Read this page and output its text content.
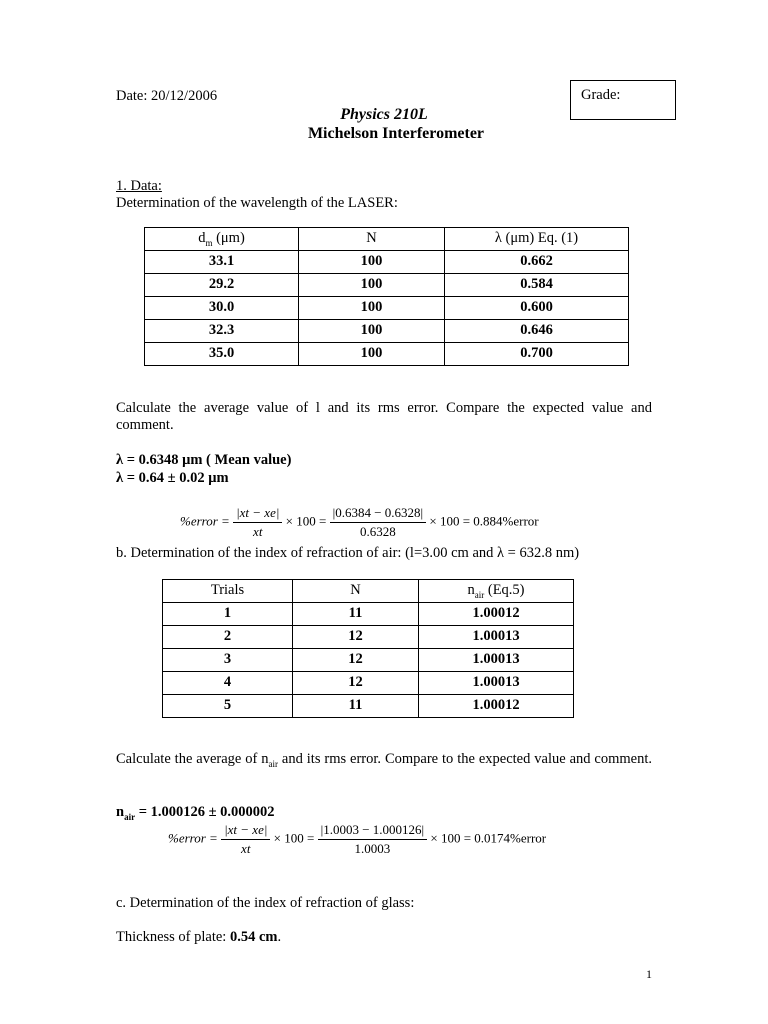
Date: 20/12/2006	Grade:
Physics 210L
Michelson Interferometer
1. Data:
Determination of the wavelength of the LASER:
$d_m$ (μm)	N	λ (μm) Eq. (1)
33.1	100	0.662
29.2	100	0.584
30.0	100	0.600
32.3	100	0.646
35.0	100	0.700
Calculate the average value of l and its rms error. Compare the expected value and comment.
λ = 0.6348 μm ( Mean value)
λ = 0.64 ± 0.02 μm
%error = $\frac{|xt - xe|}{xt} \times 100 = \frac{|0.6384 - 0.6328|}{0.6328} \times 100$ = 0.884%error
b. Determination of the index of refraction of air: (l=3.00 cm and λ = 632.8 nm)
Trials	N	$n_{air}$ (Eq.5)
1	11	1.00012
2	12	1.00013
3	12	1.00013
4	12	1.00013
5	11	1.00012
Calculate the average of $n_{air}$ and its rms error. Compare to the expected value and comment.
$n_{air} = 1.000126 \pm 0.000002$
%error = $\frac{|xt - xe|}{xt} \times 100 = \frac{|1.0003 - 1.000126|}{1.0003} \times 100$ = 0.0174%error
c. Determination of the index of refraction of glass:
Thickness of plate: 0.54 cm.
1
